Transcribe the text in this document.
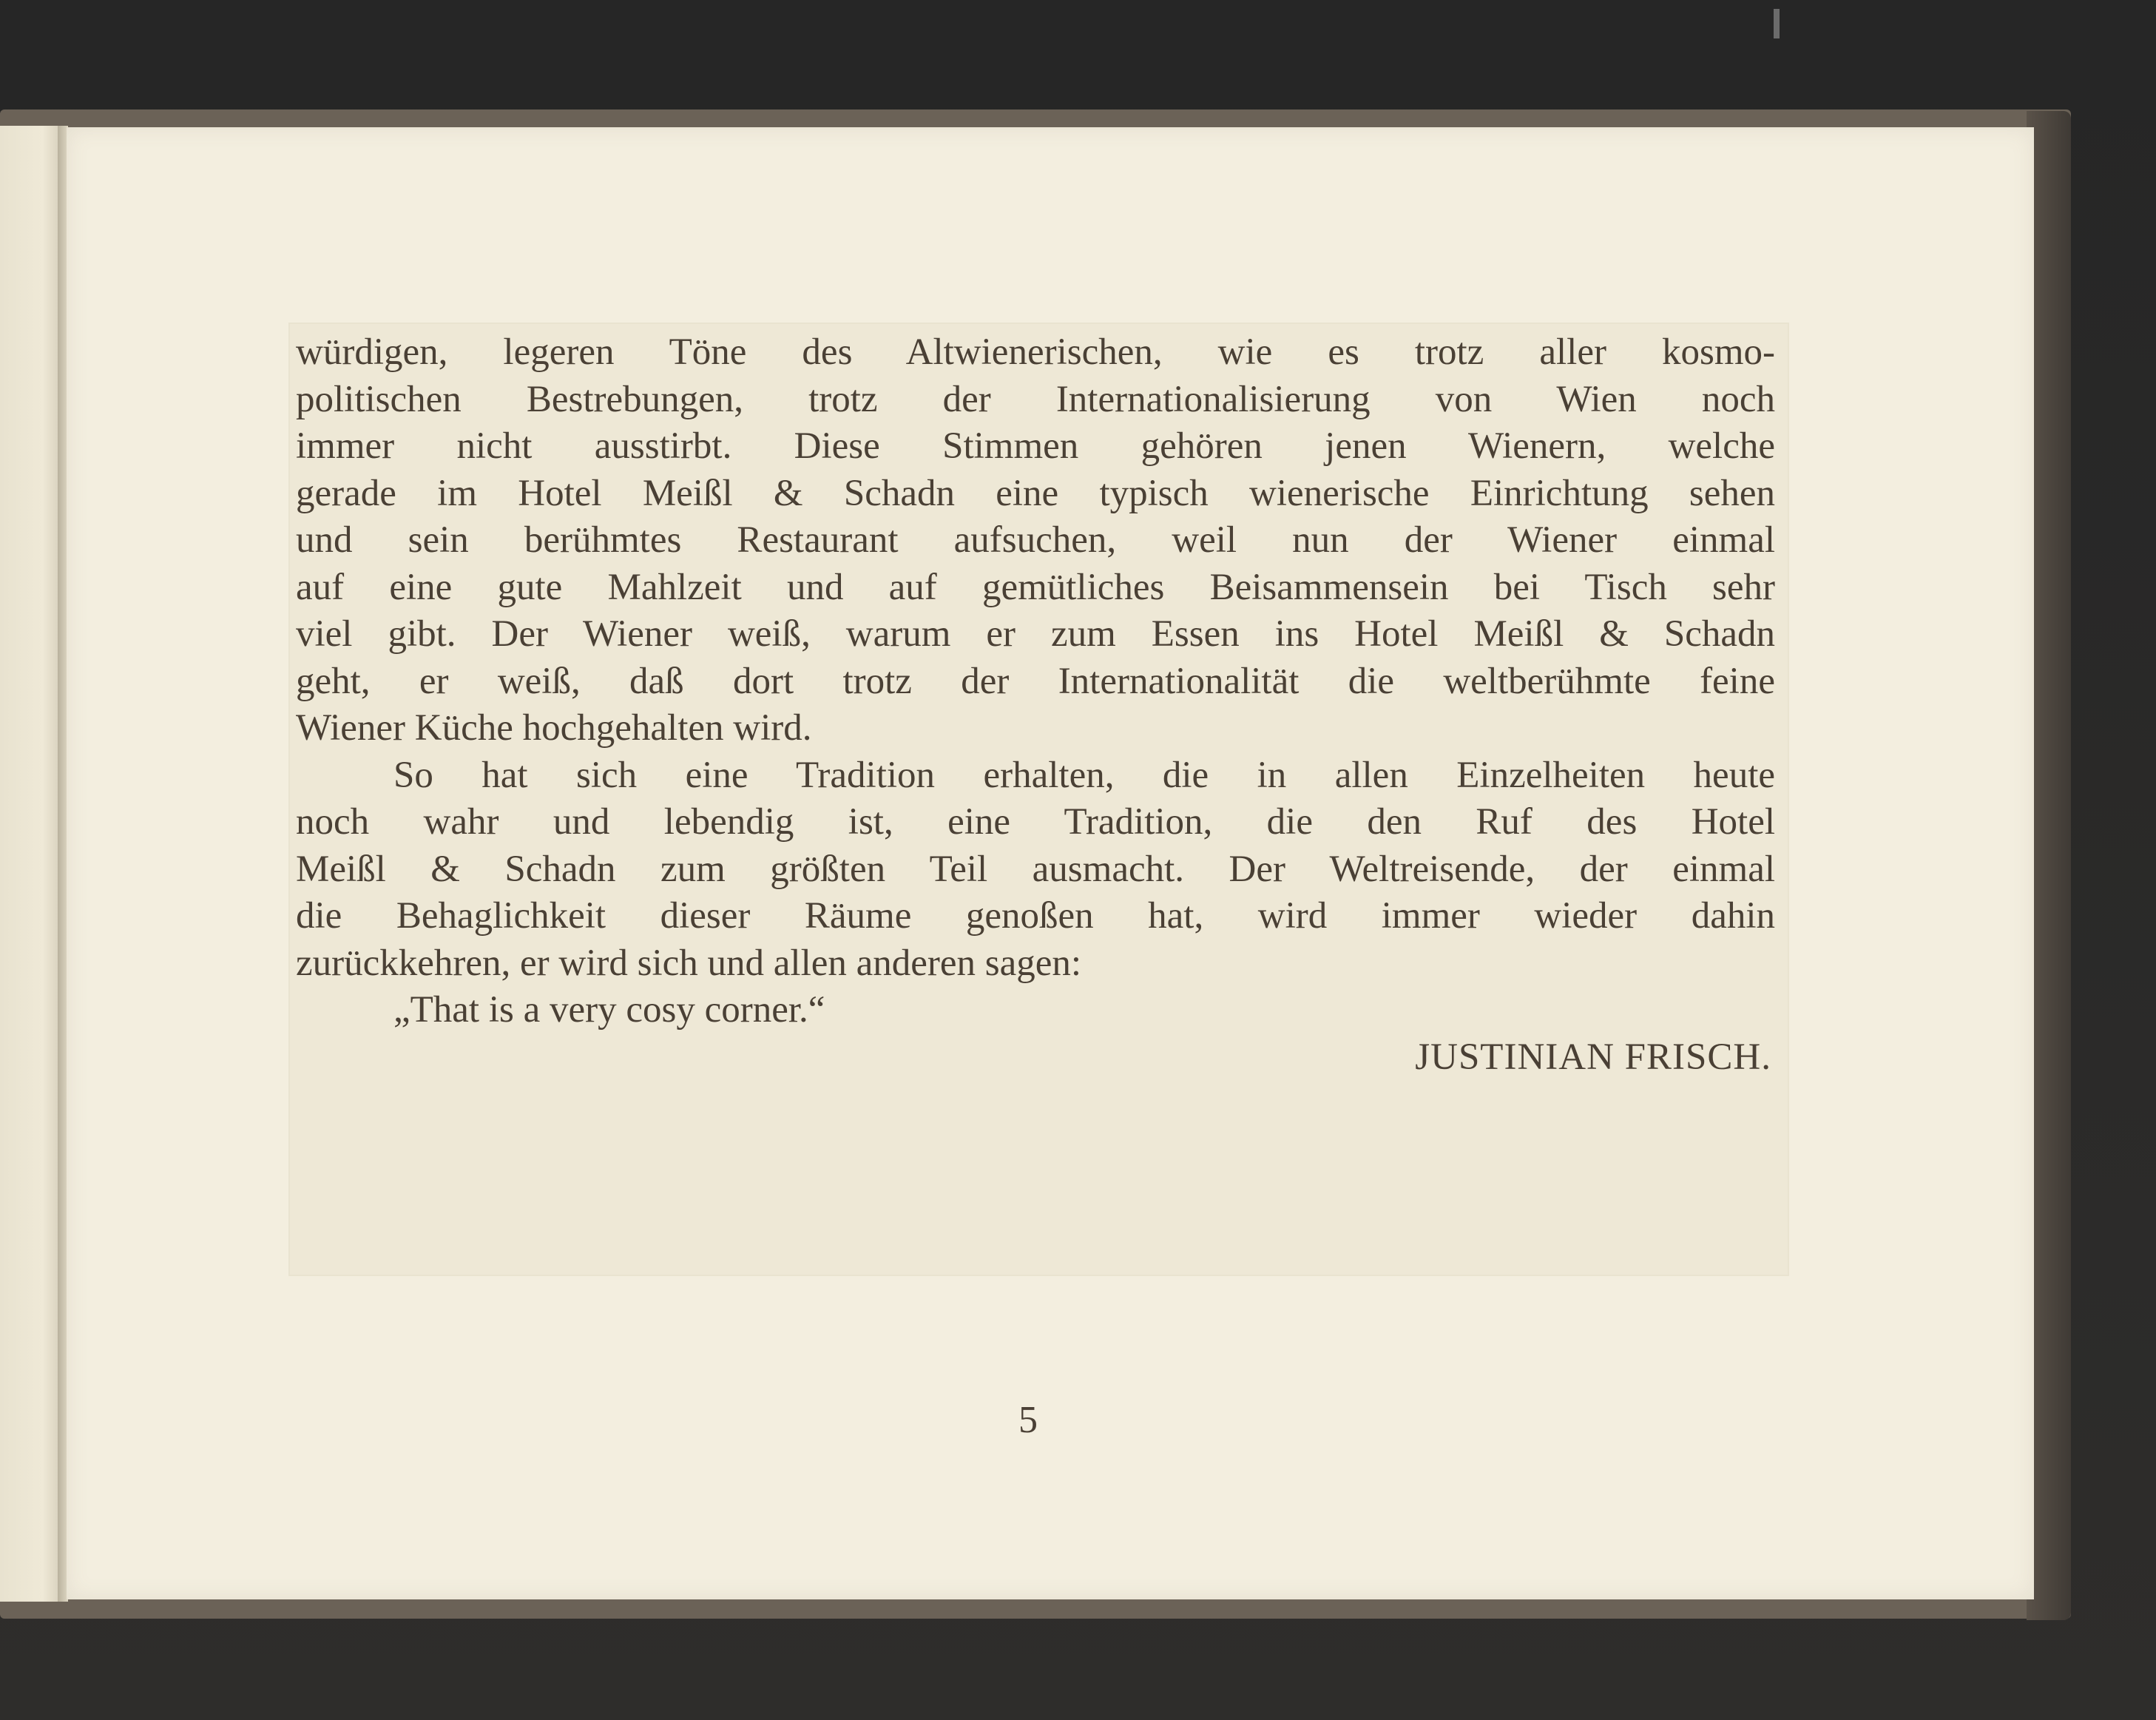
würdigen, legeren Töne des Altwienerischen, wie es trotz aller kosmo-
politischen Bestrebungen, trotz der Internationalisierung von Wien noch
immer nicht ausstirbt. Diese Stimmen gehören jenen Wienern, welche
gerade im Hotel Meißl & Schadn eine typisch wienerische Einrichtung sehen
und sein berühmtes Restaurant aufsuchen, weil nun der Wiener einmal
auf eine gute Mahlzeit und auf gemütliches Beisammensein bei Tisch sehr
viel gibt. Der Wiener weiß, warum er zum Essen ins Hotel Meißl & Schadn
geht, er weiß, daß dort trotz der Internationalität die weltberühmte feine
Wiener Küche hochgehalten wird.
So hat sich eine Tradition erhalten, die in allen Einzelheiten heute
noch wahr und lebendig ist, eine Tradition, die den Ruf des Hotel
Meißl & Schadn zum größten Teil ausmacht. Der Weltreisende, der einmal
die Behaglichkeit dieser Räume genoßen hat, wird immer wieder dahin
zurückkehren, er wird sich und allen anderen sagen:
„That is a very cosy corner.“
JUSTINIAN FRISCH.
5
